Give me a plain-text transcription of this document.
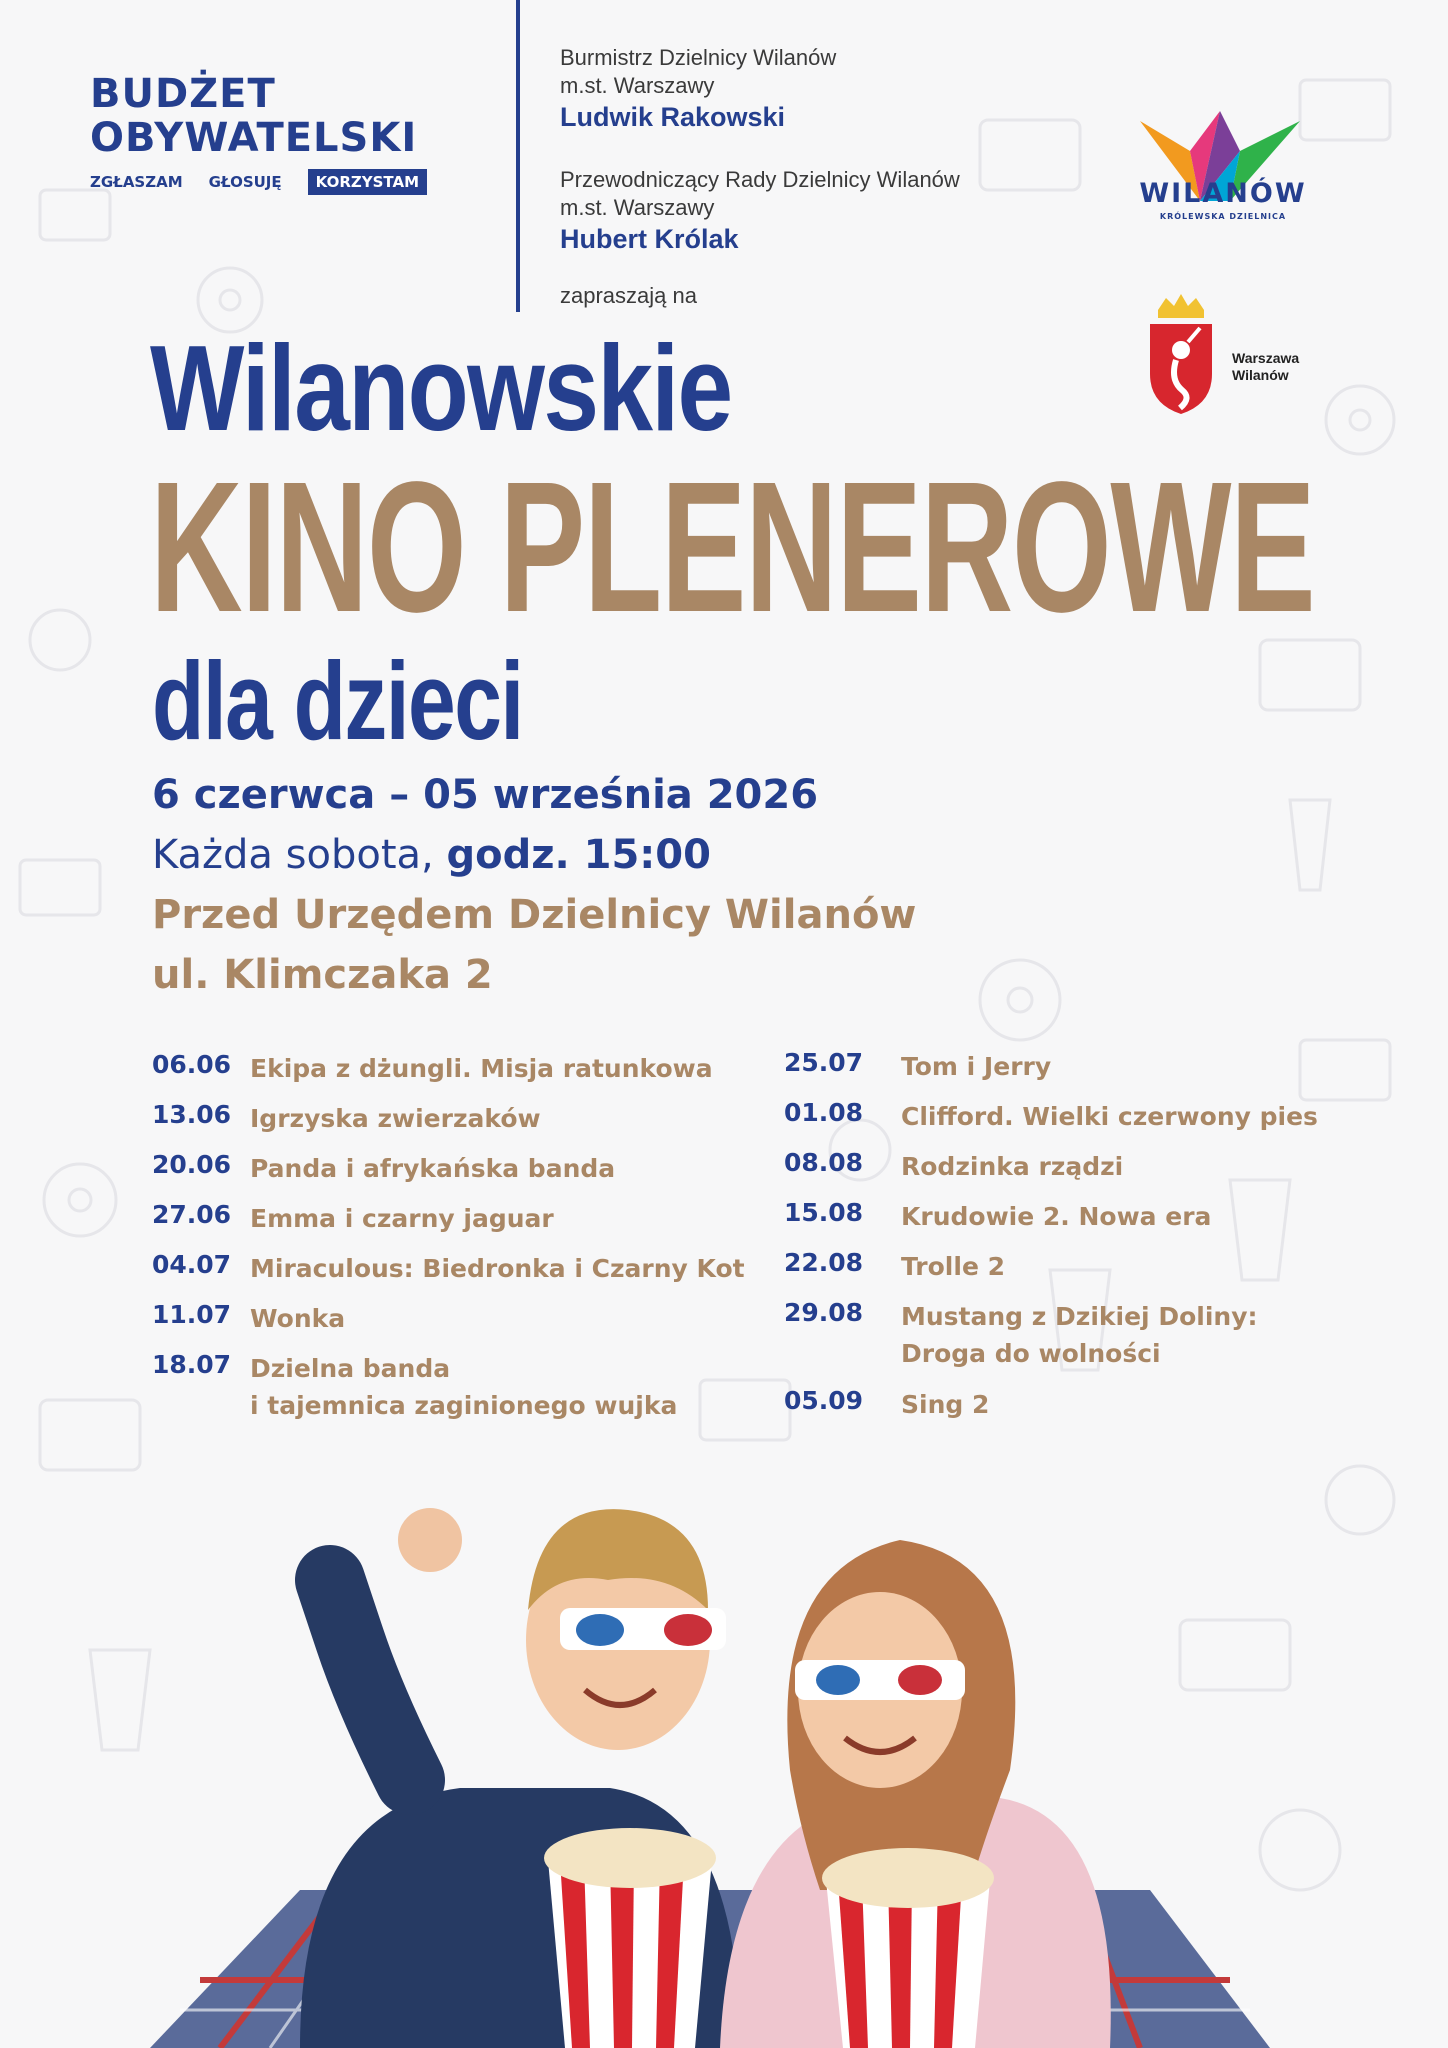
BUDŻET
OBYWATELSKI
ZGŁASZAM GŁOSUJĘ	KORZYSTAM
Burmistrz Dzielnicy Wilanów
m.st. Warszawy
Ludwik Rakowski
Przewodniczący Rady Dzielnicy Wilanów
m.st. Warszawy
Hubert Królak
zapraszają na
WILANÓW
KRÓLEWSKA DZIELNICA
Warszawa
Wilanów
Wilanowskie
KINO PLENEROWE
dla dzieci
6 czerwca – 05 września 2026
Każda sobota, godz. 15:00
Przed Urzędem Dzielnicy Wilanów
ul. Klimczaka 2
06.06 Ekipa z dżungli. Misja ratunkowa
13.06 Igrzyska zwierzaków
20.06 Panda i afrykańska banda
27.06 Emma i czarny jaguar
04.07 Miraculous: Biedronka i Czarny Kot
11.07 Wonka
18.07 Dzielna banda
i tajemnica zaginionego wujka
25.07	Tom i Jerry
01.08	Clifford. Wielki czerwony pies
08.08	Rodzinka rządzi
15.08	Krudowie 2. Nowa era
22.08	Trolle 2
29.08	Mustang z Dzikiej Doliny:
Droga do wolności
05.09	Sing 2
